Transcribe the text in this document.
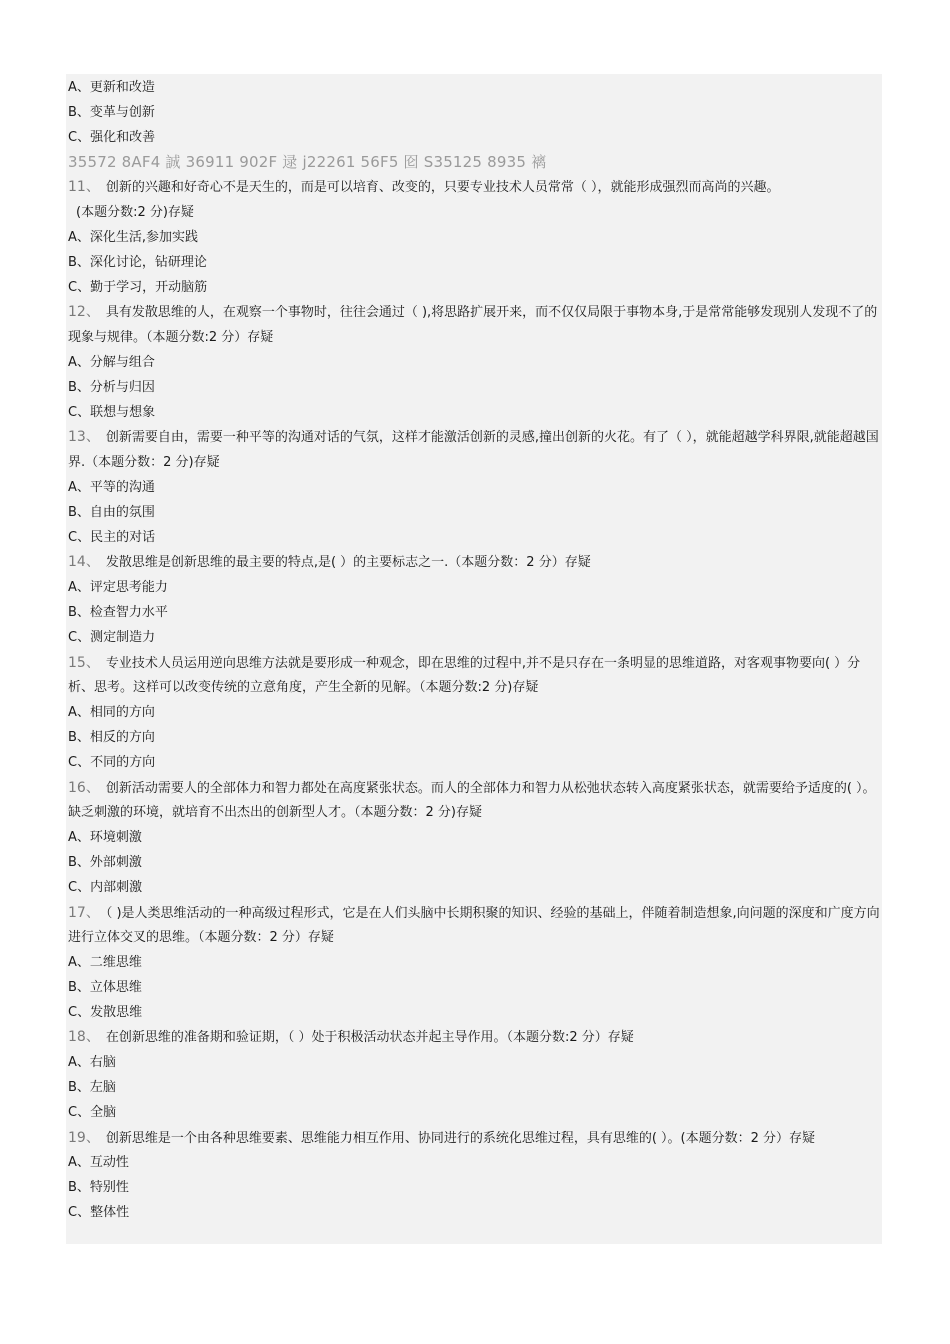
A、更新和改造
B、变革与创新
C、强化和改善
35572 8AF4 誠 36911 902F 逯 j22261 56F5 囵 S35125 8935 褵
11、 创新的兴趣和好奇心不是天生的，而是可以培育、改变的，只要专业技术人员常常（ ），就能形成强烈而高尚的兴趣。
(本题分数:2 分)存疑
A、深化生活,参加实践
B、深化讨论，钻研理论
C、勤于学习，开动脑筋
12、 具有发散思维的人，在观察一个事物时，往往会通过（ ),将思路扩展开来，而不仅仅局限于事物本身,于是常常能够发现别人发现不了的现象与规律。（本题分数:2 分）存疑
A、分解与组合
B、分析与归因
C、联想与想象
13、 创新需要自由，需要一种平等的沟通对话的气氛，这样才能激活创新的灵感,撞出创新的火花。有了（ ），就能超越学科界限,就能超越国界.（本题分数：2 分)存疑
A、平等的沟通
B、自由的氛围
C、民主的对话
14、 发散思维是创新思维的最主要的特点,是( ）的主要标志之一.（本题分数：2 分）存疑
A、评定思考能力
B、检查智力水平
C、测定制造力
15、 专业技术人员运用逆向思维方法就是要形成一种观念，即在思维的过程中,并不是只存在一条明显的思维道路，对客观事物要向( ）分析、思考。这样可以改变传统的立意角度，产生全新的见解。（本题分数:2 分)存疑
A、相同的方向
B、相反的方向
C、不同的方向
16、 创新活动需要人的全部体力和智力都处在高度紧张状态。而人的全部体力和智力从松弛状态转入高度紧张状态，就需要给予适度的( ）。缺乏刺激的环境，就培育不出杰出的创新型人才。（本题分数：2 分)存疑
A、环境刺激
B、外部刺激
C、内部刺激
17、 （ )是人类思维活动的一种高级过程形式，它是在人们头脑中长期积聚的知识、经验的基础上，伴随着制造想象,向问题的深度和广度方向进行立体交叉的思维。（本题分数：2 分）存疑
A、二维思维
B、立体思维
C、发散思维
18、 在创新思维的准备期和验证期，（ ）处于积极活动状态并起主导作用。（本题分数:2 分）存疑
A、右脑
B、左脑
C、全脑
19、 创新思维是一个由各种思维要素、思维能力相互作用、协同进行的系统化思维过程，具有思维的( ）。(本题分数：2 分）存疑
A、互动性
B、特别性
C、整体性
